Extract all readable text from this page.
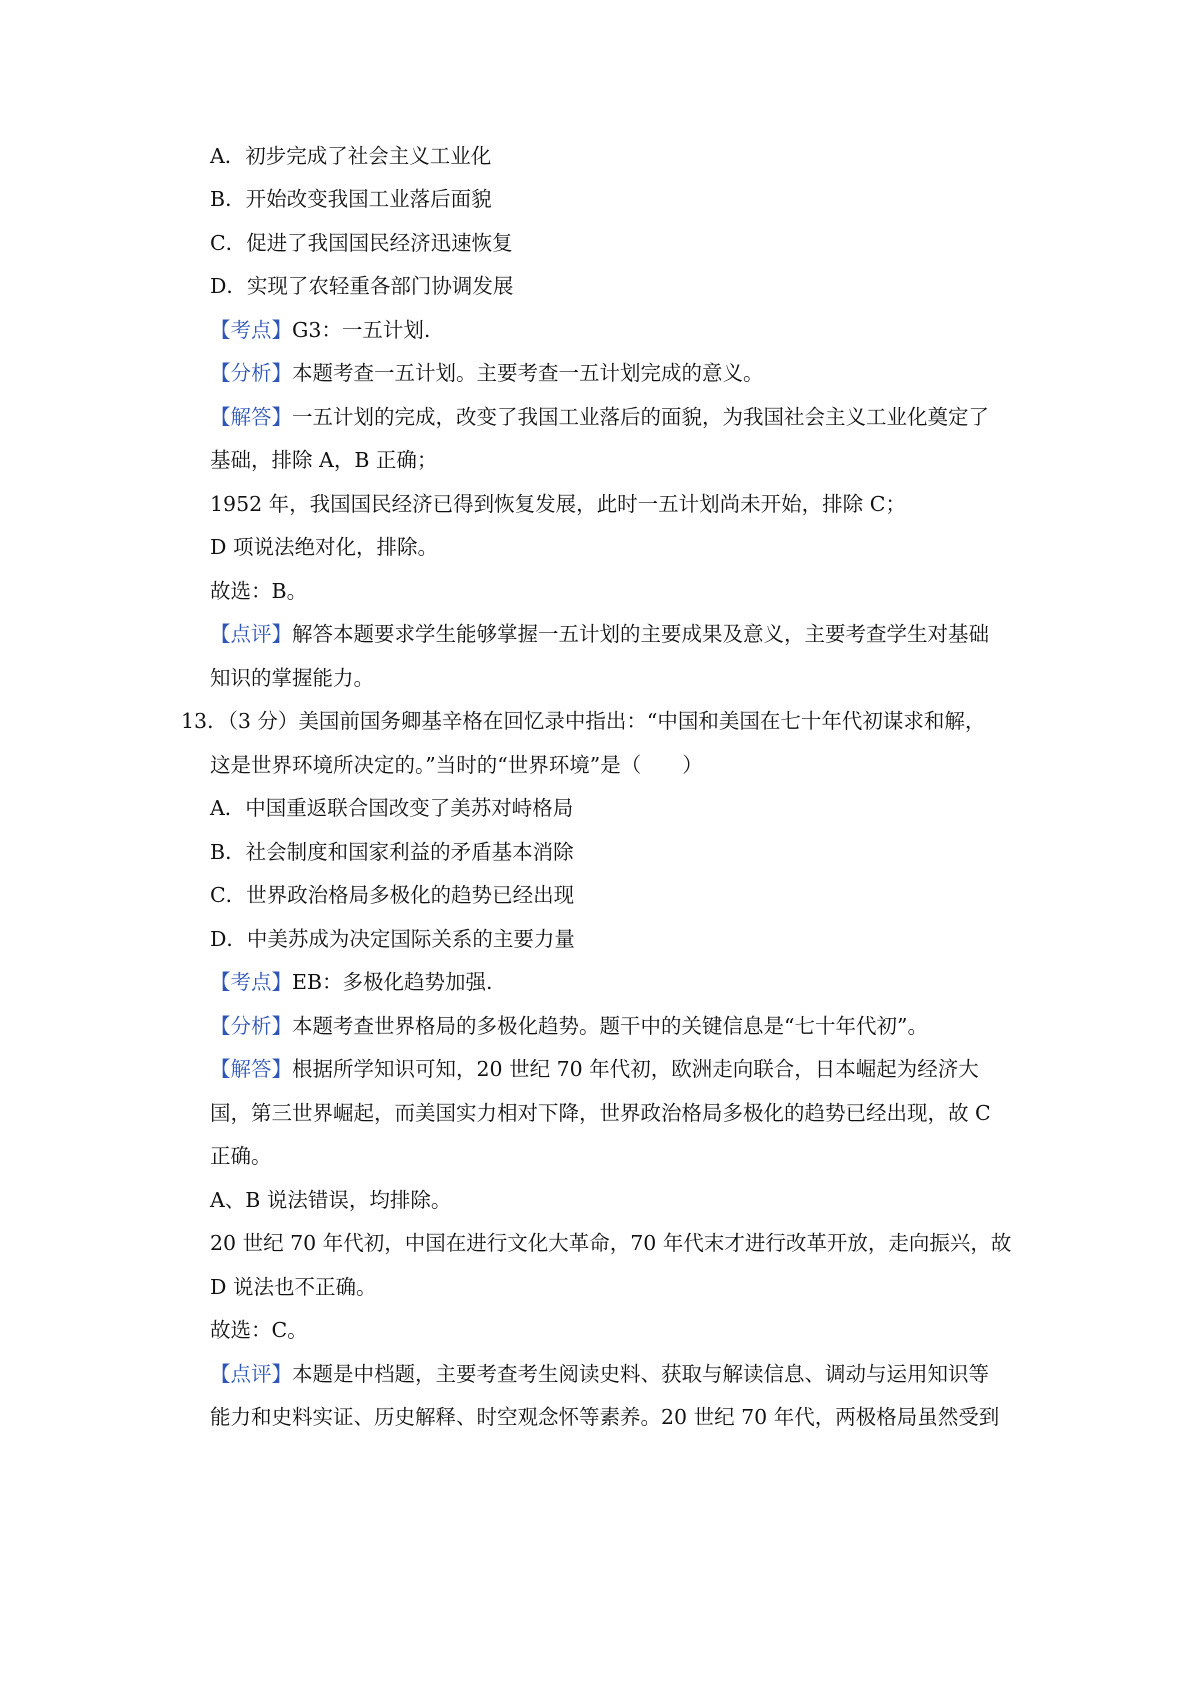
A．初步完成了社会主义工业化
B．开始改变我国工业落后面貌
C．促进了我国国民经济迅速恢复
D．实现了农轻重各部门协调发展
【考点】G3：一五计划.
【分析】本题考查一五计划。主要考查一五计划完成的意义。
【解答】一五计划的完成，改变了我国工业落后的面貌，为我国社会主义工业化奠定了
基础，排除 A，B 正确；
1952 年，我国国民经济已得到恢复发展，此时一五计划尚未开始，排除 C；
D 项说法绝对化，排除。
故选：B。
【点评】解答本题要求学生能够掌握一五计划的主要成果及意义，主要考查学生对基础
知识的掌握能力。
13．（3 分）美国前国务卿基辛格在回忆录中指出：“中国和美国在七十年代初谋求和解，
这是世界环境所决定的。”当时的“世界环境”是（　　）
A．中国重返联合国改变了美苏对峙格局
B．社会制度和国家利益的矛盾基本消除
C．世界政治格局多极化的趋势已经出现
D．中美苏成为决定国际关系的主要力量
【考点】EB：多极化趋势加强.
【分析】本题考查世界格局的多极化趋势。题干中的关键信息是“七十年代初”。
【解答】根据所学知识可知，20 世纪 70 年代初，欧洲走向联合，日本崛起为经济大
国，第三世界崛起，而美国实力相对下降，世界政治格局多极化的趋势已经出现，故 C
正确。
A、B 说法错误，均排除。
20 世纪 70 年代初，中国在进行文化大革命，70 年代末才进行改革开放，走向振兴，故
D 说法也不正确。
故选：C。
【点评】本题是中档题，主要考查考生阅读史料、获取与解读信息、调动与运用知识等
能力和史料实证、历史解释、时空观念怀等素养。20 世纪 70 年代，两极格局虽然受到
